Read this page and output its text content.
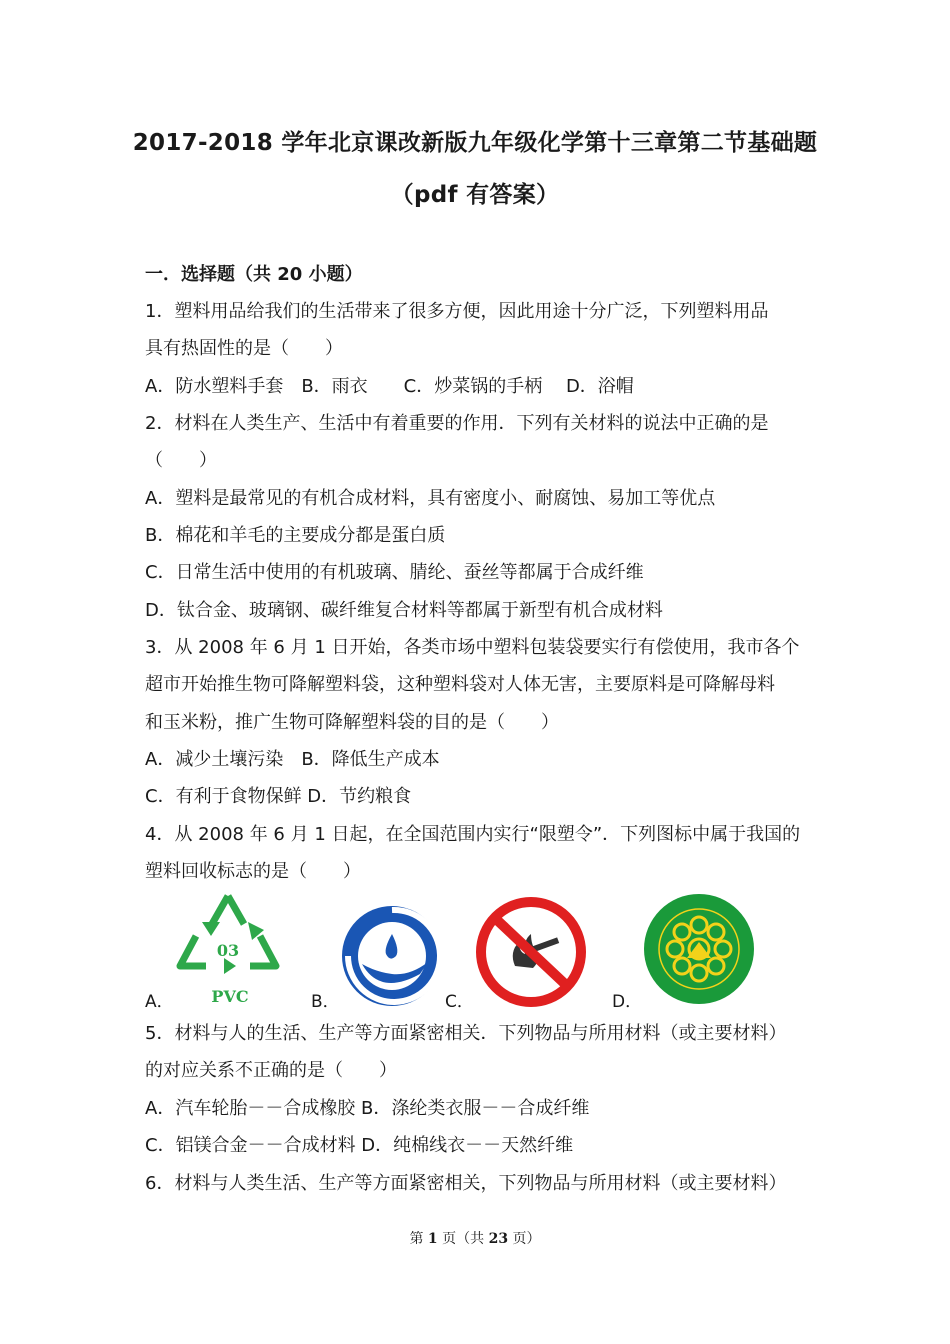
2017-2018 学年北京课改新版九年级化学第十三章第二节基础题
（pdf 有答案）
一．选择题（共 20 小题）
1．塑料用品给我们的生活带来了很多方便，因此用途十分广泛，下列塑料用品
具有热固性的是（　　）
A．防水塑料手套　B．雨衣　　C．炒菜锅的手柄　 D．浴帽
2．材料在人类生产、生活中有着重要的作用．下列有关材料的说法中正确的是
（　　）
A．塑料是最常见的有机合成材料，具有密度小、耐腐蚀、易加工等优点
B．棉花和羊毛的主要成分都是蛋白质
C．日常生活中使用的有机玻璃、腈纶、蚕丝等都属于合成纤维
D．钛合金、玻璃钢、碳纤维复合材料等都属于新型有机合成材料
3．从 2008 年 6 月 1 日开始，各类市场中塑料包装袋要实行有偿使用，我市各个
超市开始推生物可降解塑料袋，这种塑料袋对人体无害，主要原料是可降解母料
和玉米粉，推广生物可降解塑料袋的目的是（　　）
A．减少土壤污染　B．降低生产成本
C．有利于食物保鲜 D．节约粮食
4．从 2008 年 6 月 1 日起，在全国范围内实行“限塑令”．下列图标中属于我国的
塑料回收标志的是（　　）
A．
03
PVC	B．	C．	D．
5．材料与人的生活、生产等方面紧密相关．下列物品与所用材料（或主要材料）
的对应关系不正确的是（　　）
A．汽车轮胎－－合成橡胶 B．涤纶类衣服－－合成纤维
C．铝镁合金－－合成材料 D．纯棉线衣－－天然纤维
6．材料与人类生活、生产等方面紧密相关，下列物品与所用材料（或主要材料）
第 1 页（共 23 页）
